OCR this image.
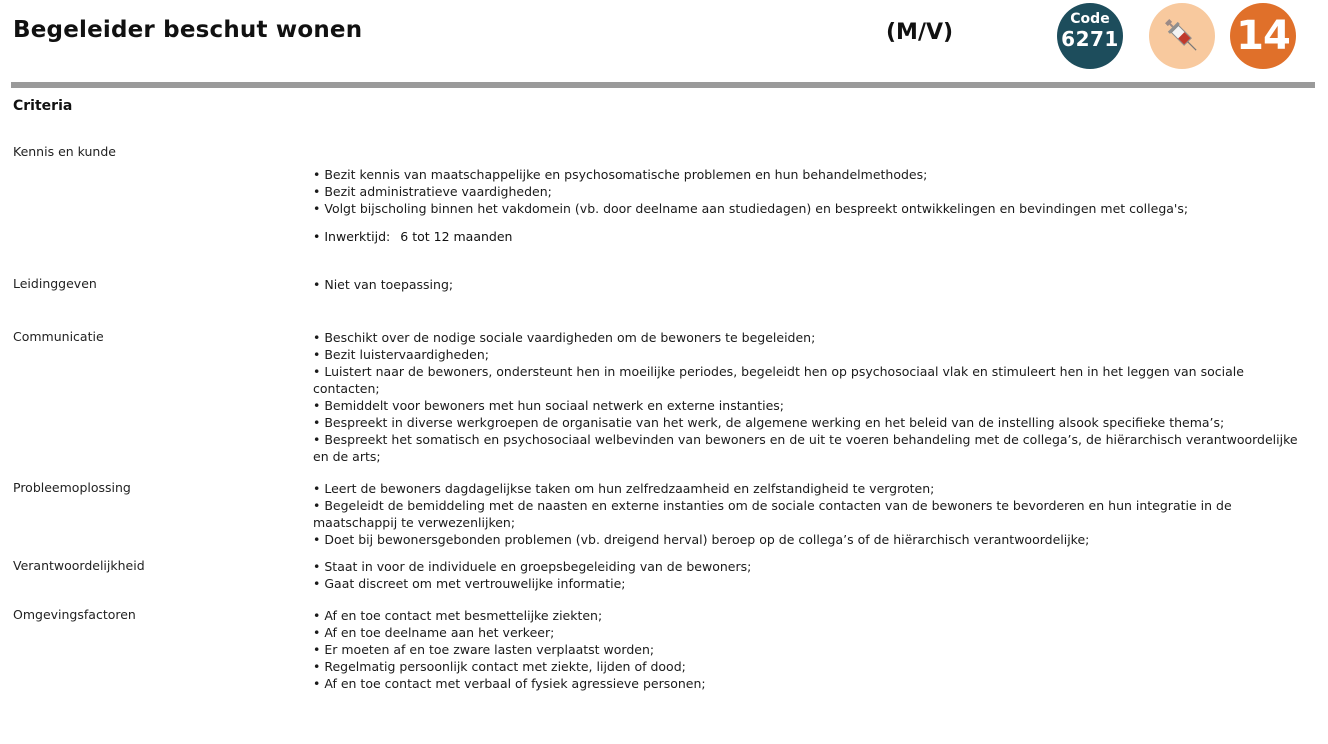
Begeleider beschut wonen	(M/V)
Code
6271	14
Criteria
Kennis en kunde
• Bezit kennis van maatschappelijke en psychosomatische problemen en hun behandelmethodes;
• Bezit administratieve vaardigheden;
• Volgt bijscholing binnen het vakdomein (vb. door deelname aan studiedagen) en bespreekt ontwikkelingen en bevindingen met collega's;
• Inwerktijd: 6 tot 12 maanden
Leidinggeven	• Niet van toepassing;
Communicatie	• Beschikt over de nodige sociale vaardigheden om de bewoners te begeleiden;
• Bezit luistervaardigheden;
• Luistert naar de bewoners, ondersteunt hen in moeilijke periodes, begeleidt hen op psychosociaal vlak en stimuleert hen in het leggen van sociale contacten;
• Bemiddelt voor bewoners met hun sociaal netwerk en externe instanties;
• Bespreekt in diverse werkgroepen de organisatie van het werk, de algemene werking en het beleid van de instelling alsook specifieke thema’s;
• Bespreekt het somatisch en psychosociaal welbevinden van bewoners en de uit te voeren behandeling met de collega’s, de hiërarchisch verantwoordelijke en de arts;
Probleemoplossing	• Leert de bewoners dagdagelijkse taken om hun zelfredzaamheid en zelfstandigheid te vergroten;
• Begeleidt de bemiddeling met de naasten en externe instanties om de sociale contacten van de bewoners te bevorderen en hun integratie in de maatschappij te verwezenlijken;
• Doet bij bewonersgebonden problemen (vb. dreigend herval) beroep op de collega’s of de hiërarchisch verantwoordelijke;
Verantwoordelijkheid	• Staat in voor de individuele en groepsbegeleiding van de bewoners;
• Gaat discreet om met vertrouwelijke informatie;
Omgevingsfactoren	• Af en toe contact met besmettelijke ziekten;
• Af en toe deelname aan het verkeer;
• Er moeten af en toe zware lasten verplaatst worden;
• Regelmatig persoonlijk contact met ziekte, lijden of dood;
• Af en toe contact met verbaal of fysiek agressieve personen;
